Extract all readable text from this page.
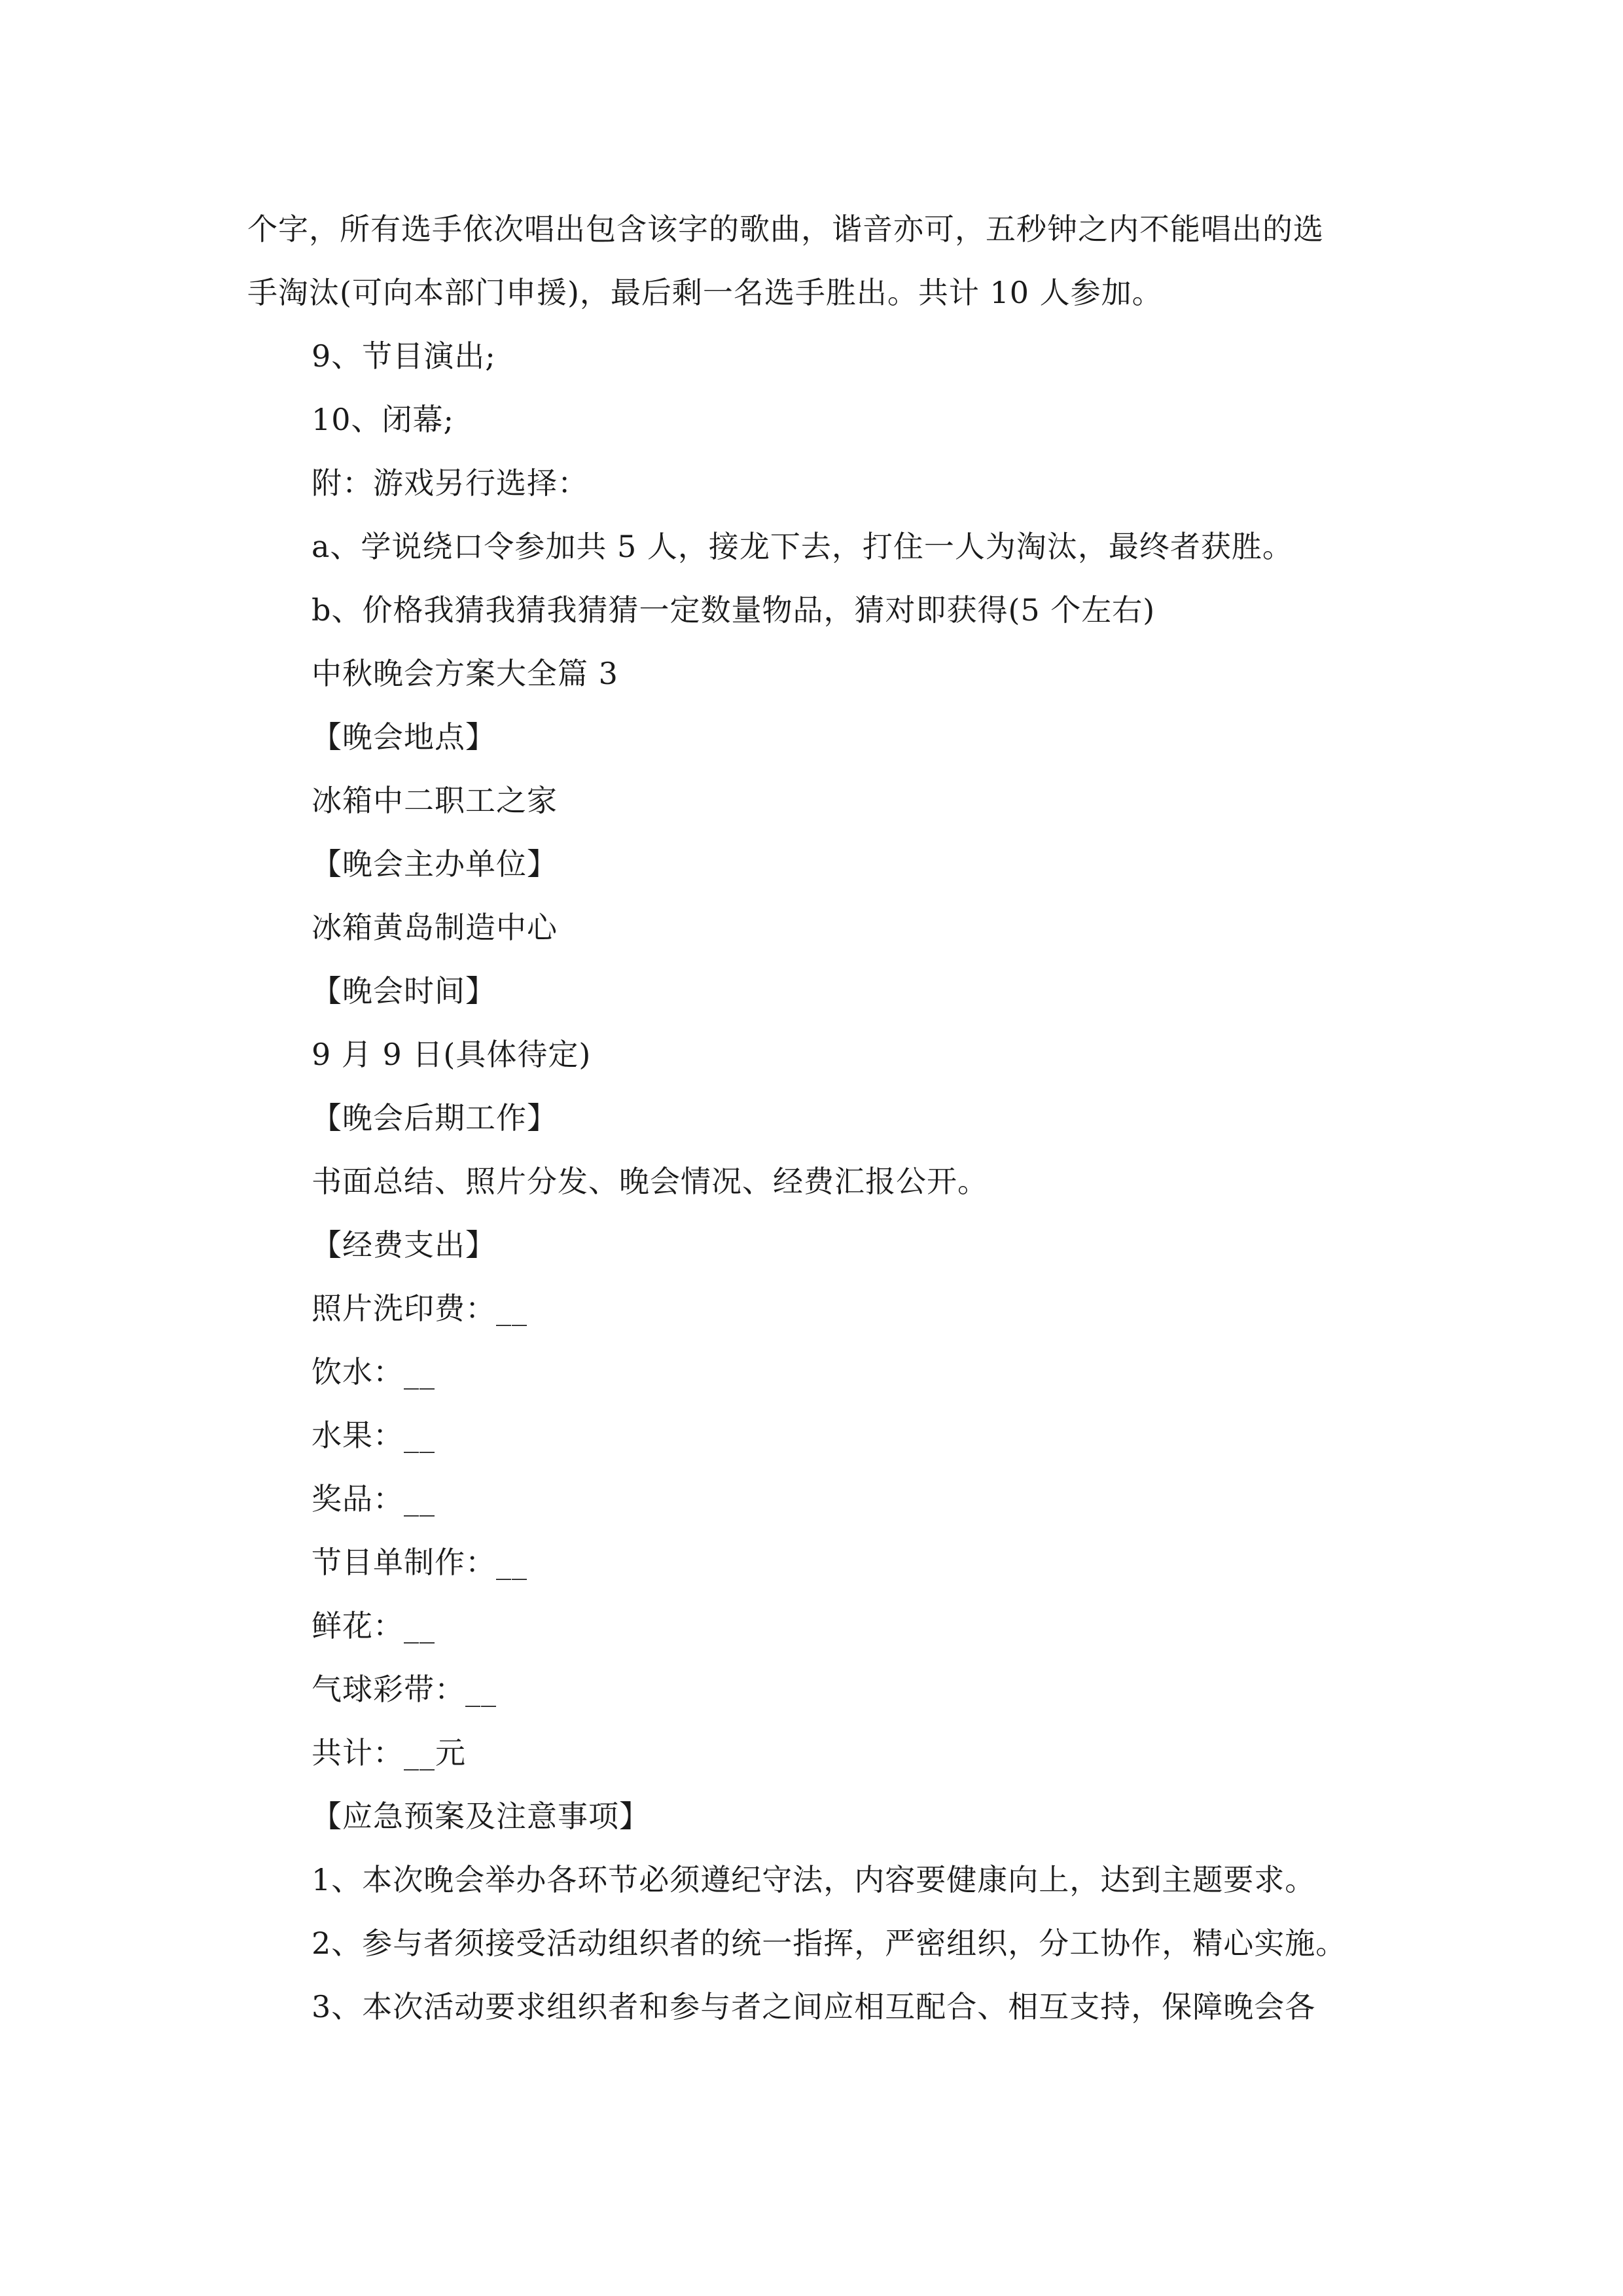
个字，所有选手依次唱出包含该字的歌曲，谐音亦可，五秒钟之内不能唱出的选
手淘汰(可向本部门申援)，最后剩一名选手胜出。共计 10 人参加。
9、节目演出;
10、闭幕;
附：游戏另行选择：
a、学说绕口令参加共 5 人，接龙下去，打住一人为淘汰，最终者获胜。
b、价格我猜我猜我猜猜一定数量物品，猜对即获得(5 个左右)
中秋晚会方案大全篇 3
【晚会地点】
冰箱中二职工之家
【晚会主办单位】
冰箱黄岛制造中心
【晚会时间】
9 月 9 日(具体待定)
【晚会后期工作】
书面总结、照片分发、晚会情况、经费汇报公开。
【经费支出】
照片洗印费：__
饮水：__
水果：__
奖品：__
节目单制作：__
鲜花：__
气球彩带：__
共计：__元
【应急预案及注意事项】
1、本次晚会举办各环节必须遵纪守法，内容要健康向上，达到主题要求。
2、参与者须接受活动组织者的统一指挥，严密组织，分工协作，精心实施。
3、本次活动要求组织者和参与者之间应相互配合、相互支持，保障晚会各
